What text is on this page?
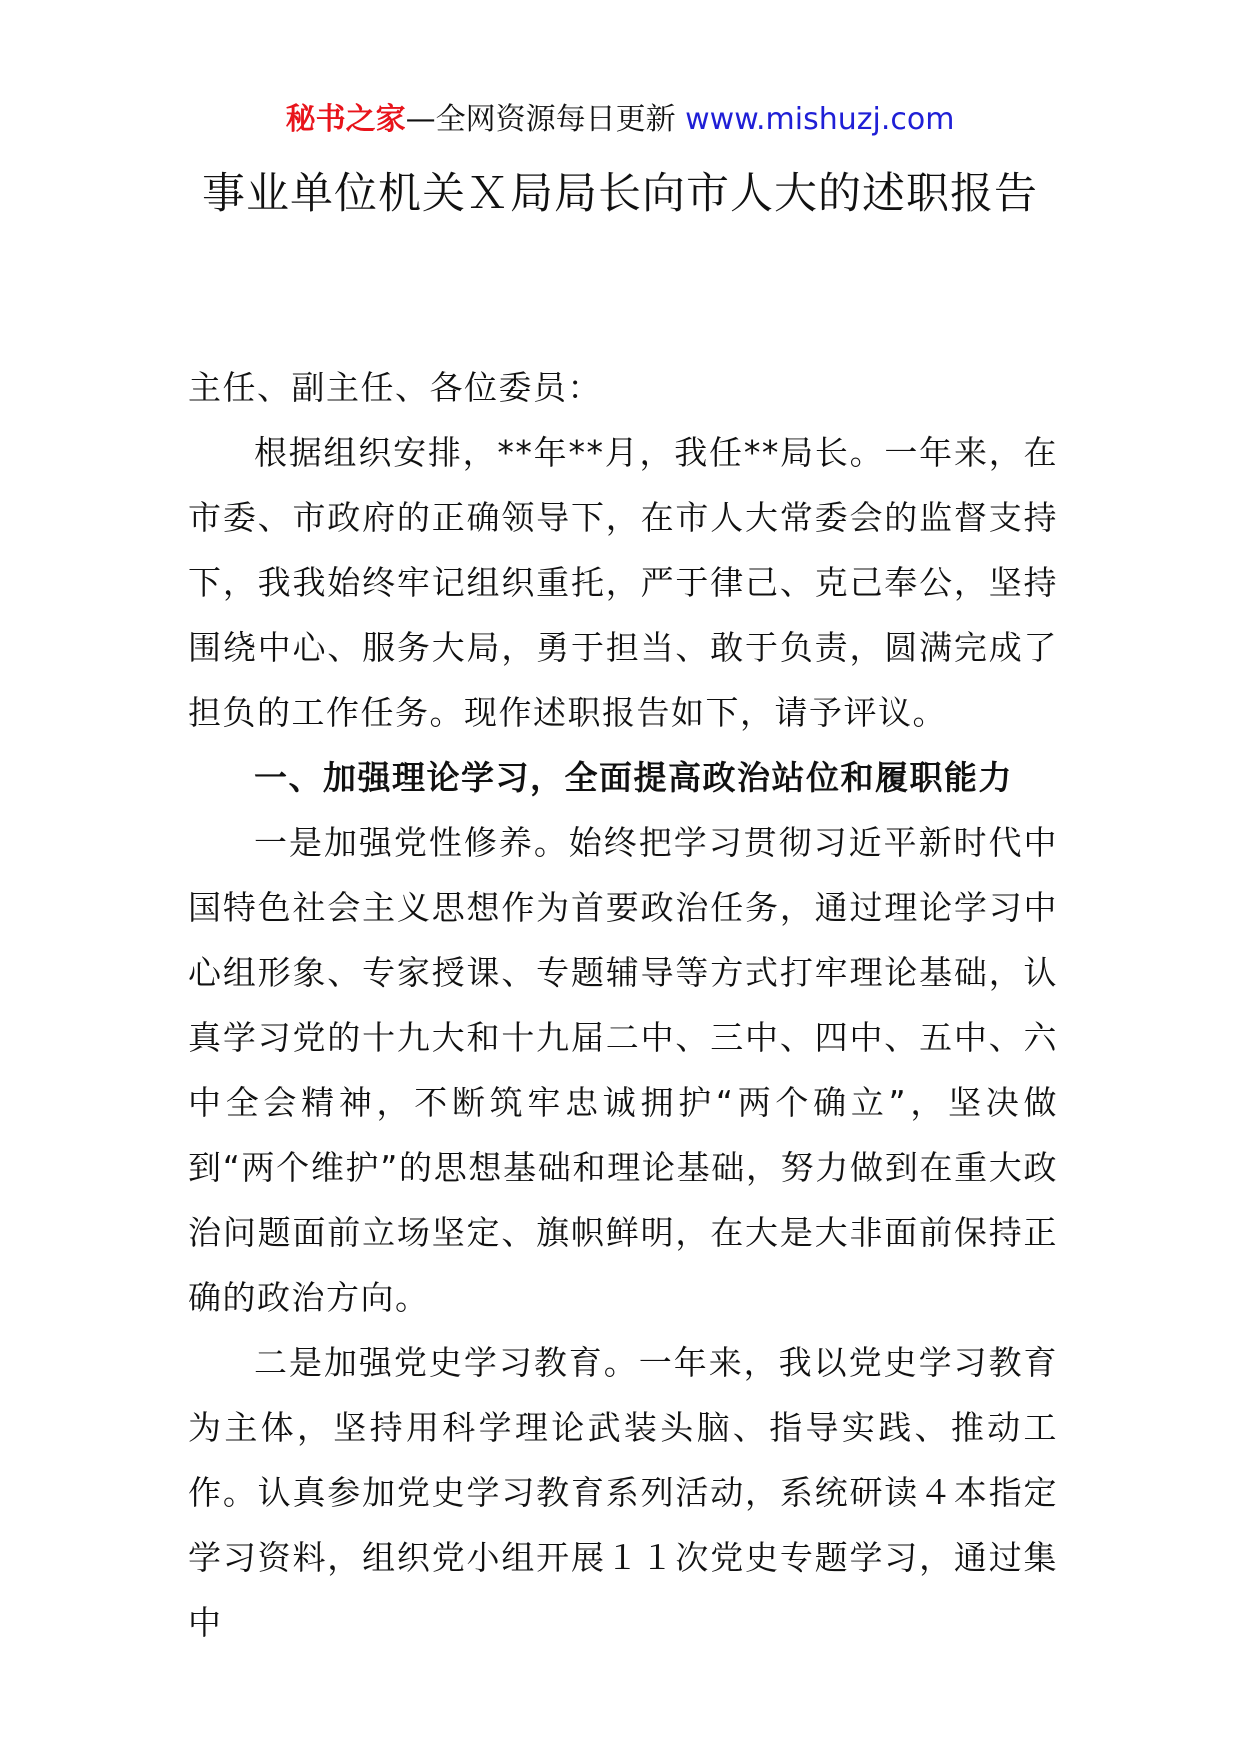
秘书之家—全网资源每日更新 www.mishuzj.com
事业单位机关Ｘ局局长向市人大的述职报告

主任、副主任、各位委员：

根据组织安排，**年**月，我任**局长。一年来，在市委、市政府的正确领导下，在市人大常委会的监督支持下，我我始终牢记组织重托，严于律己、克己奉公，坚持围绕中心、服务大局，勇于担当、敢于负责，圆满完成了担负的工作任务。现作述职报告如下，请予评议。

一、加强理论学习，全面提高政治站位和履职能力

一是加强党性修养。始终把学习贯彻习近平新时代中国特色社会主义思想作为首要政治任务，通过理论学习中心组形象、专家授课、专题辅导等方式打牢理论基础，认真学习党的十九大和十九届二中、三中、四中、五中、六中全会精神，不断筑牢忠诚拥护“两个确立”，坚决做到“两个维护”的思想基础和理论基础，努力做到在重大政治问题面前立场坚定、旗帜鲜明，在大是大非面前保持正确的政治方向。

二是加强党史学习教育。一年来，我以党史学习教育为主体，坚持用科学理论武装头脑、指导实践、推动工作。认真参加党史学习教育系列活动，系统研读４本指定学习资料，组织党小组开展１１次党史专题学习，通过集中
